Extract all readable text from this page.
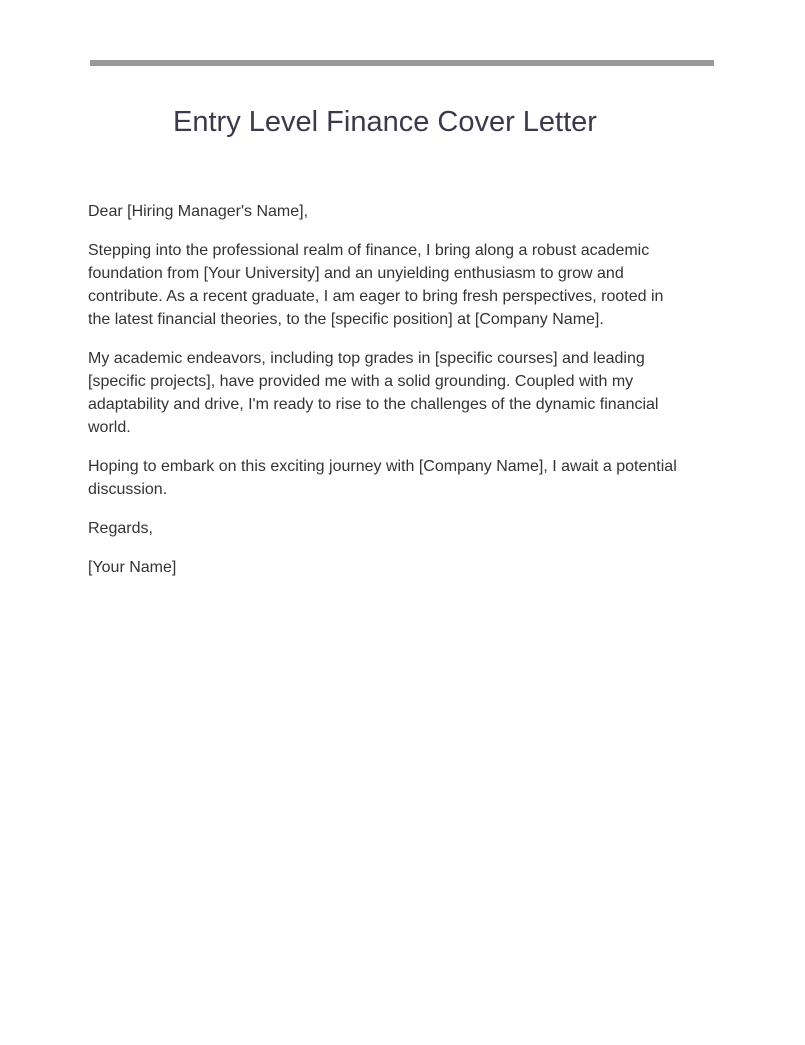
Entry Level Finance Cover Letter

Dear [Hiring Manager's Name],

Stepping into the professional realm of finance, I bring along a robust academic foundation from [Your University] and an unyielding enthusiasm to grow and contribute. As a recent graduate, I am eager to bring fresh perspectives, rooted in the latest financial theories, to the [specific position] at [Company Name].

My academic endeavors, including top grades in [specific courses] and leading [specific projects], have provided me with a solid grounding. Coupled with my adaptability and drive, I'm ready to rise to the challenges of the dynamic financial world.

Hoping to embark on this exciting journey with [Company Name], I await a potential discussion.

Regards,

[Your Name]
